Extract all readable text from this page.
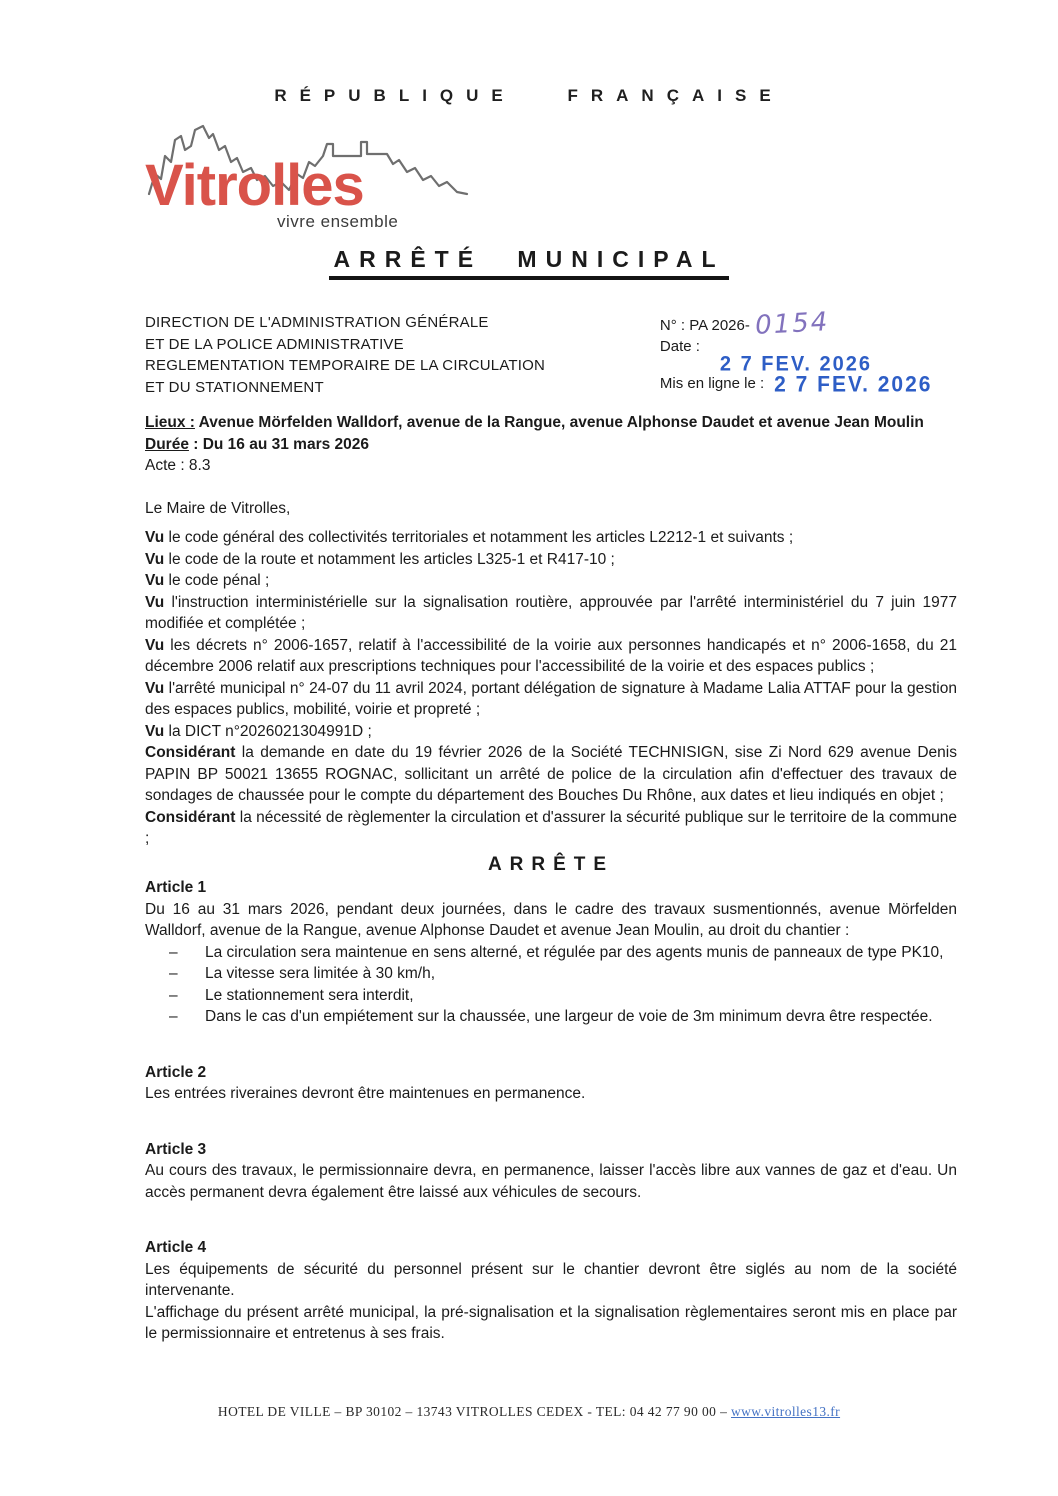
RÉPUBLIQUE FRANÇAISE
Vitrolles
vivre ensemble
ARRÊTÉ MUNICIPAL
DIRECTION DE L'ADMINISTRATION GÉNÉRALE
ET DE LA POLICE ADMINISTRATIVE
REGLEMENTATION TEMPORAIRE DE LA CIRCULATION
ET DU STATIONNEMENT
N° : PA 2026- 0154
Date :
2 7 FEV. 2026
Mis en ligne le : 2 7 FEV. 2026

Lieux : Avenue Mörfelden Walldorf, avenue de la Rangue, avenue Alphonse Daudet et avenue Jean Moulin

Durée : Du 16 au 31 mars 2026

Acte : 8.3

Le Maire de Vitrolles,

Vu le code général des collectivités territoriales et notamment les articles L2212-1 et suivants ;

Vu le code de la route et notamment les articles L325-1 et R417-10 ;

Vu le code pénal ;

Vu l'instruction interministérielle sur la signalisation routière, approuvée par l'arrêté interministériel du 7 juin 1977 modifiée et complétée ;

Vu les décrets n° 2006-1657, relatif à l'accessibilité de la voirie aux personnes handicapés et n° 2006-1658, du 21 décembre 2006 relatif aux prescriptions techniques pour l'accessibilité de la voirie et des espaces publics ;

Vu l'arrêté municipal n° 24-07 du 11 avril 2024, portant délégation de signature à Madame Lalia ATTAF pour la gestion des espaces publics, mobilité, voirie et propreté ;

Vu la DICT n°2026021304991D ;

Considérant la demande en date du 19 février 2026 de la Société TECHNISIGN, sise Zi Nord 629 avenue Denis PAPIN BP 50021 13655 ROGNAC, sollicitant un arrêté de police de la circulation afin d'effectuer des travaux de sondages de chaussée pour le compte du département des Bouches Du Rhône, aux dates et lieu indiqués en objet ;

Considérant la nécessité de règlementer la circulation et d'assurer la sécurité publique sur le territoire de la commune ;

ARRÊTE
Article 1

Du 16 au 31 mars 2026, pendant deux journées, dans le cadre des travaux susmentionnés, avenue Mörfelden Walldorf, avenue de la Rangue, avenue Alphonse Daudet et avenue Jean Moulin, au droit du chantier :

– La circulation sera maintenue en sens alterné, et régulée par des agents munis de panneaux de type PK10,
– La vitesse sera limitée à 30 km/h,
– Le stationnement sera interdit,
– Dans le cas d'un empiétement sur la chaussée, une largeur de voie de 3m minimum devra être respectée.
Article 2

Les entrées riveraines devront être maintenues en permanence.

Article 3

Au cours des travaux, le permissionnaire devra, en permanence, laisser l'accès libre aux vannes de gaz et d'eau. Un accès permanent devra également être laissé aux véhicules de secours.

Article 4

Les équipements de sécurité du personnel présent sur le chantier devront être siglés au nom de la société intervenante.

L'affichage du présent arrêté municipal, la pré-signalisation et la signalisation règlementaires seront mis en place par le permissionnaire et entretenus à ses frais.

HOTEL DE VILLE – BP 30102 – 13743 VITROLLES CEDEX - TEL: 04 42 77 90 00 – www.vitrolles13.fr
